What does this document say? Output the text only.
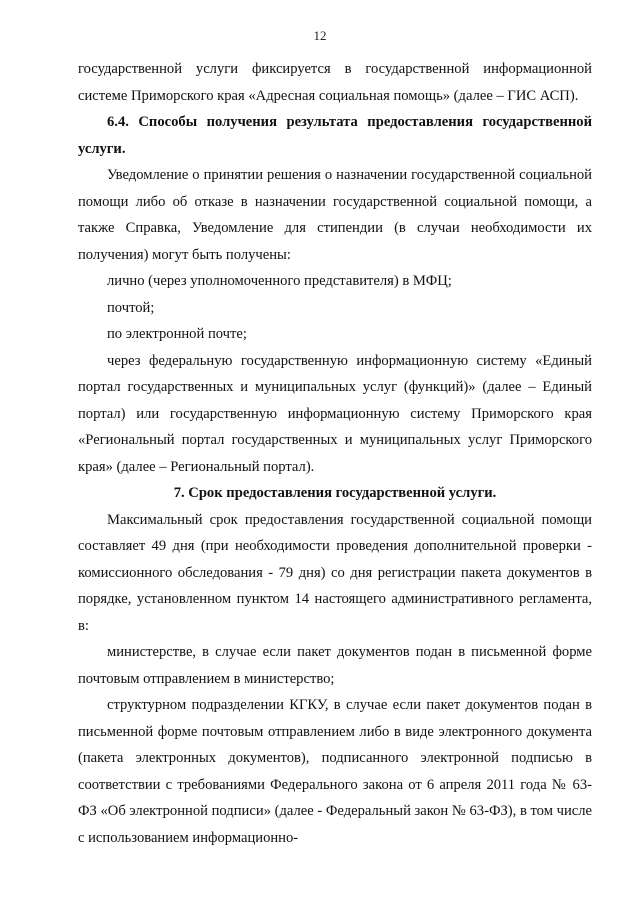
12

государственной услуги фиксируется в государственной информационной системе Приморского края «Адресная социальная помощь» (далее – ГИС АСП).

6.4. Способы получения результата предоставления государственной услуги.

Уведомление о принятии решения о назначении государственной социальной помощи либо об отказе в назначении государственной социальной помощи, а также Справка, Уведомление для стипендии (в случаи необходимости их получения) могут быть получены:

лично (через уполномоченного представителя) в МФЦ;

почтой;

по электронной почте;

через федеральную государственную информационную систему «Единый портал государственных и муниципальных услуг (функций)» (далее – Единый портал) или государственную информационную систему Приморского края «Региональный портал государственных и муниципальных услуг Приморского края» (далее – Региональный портал).

7. Срок предоставления государственной услуги.

Максимальный срок предоставления государственной социальной помощи составляет 49 дня (при необходимости проведения дополнительной проверки - комиссионного обследования - 79 дня) со дня регистрации пакета документов в порядке, установленном пунктом 14 настоящего административного регламента, в:

министерстве, в случае если пакет документов подан в письменной форме почтовым отправлением в министерство;

структурном подразделении КГКУ, в случае если пакет документов подан в письменной форме почтовым отправлением либо в виде электронного документа (пакета электронных документов), подписанного электронной подписью в соответствии с требованиями Федерального закона от 6 апреля 2011 года № 63-ФЗ «Об электронной подписи» (далее - Федеральный закон № 63-ФЗ), в том числе с использованием информационно-
